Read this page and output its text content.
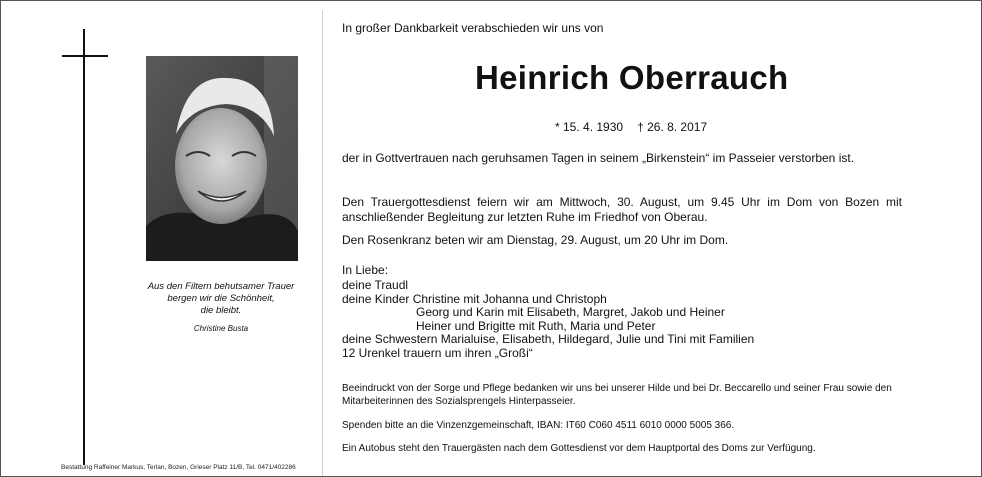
Aus den Filtern behutsamer Trauer
bergen wir die Schönheit,
die bleibt.
Christine Busta
Bestattung Raffeiner Markus, Terlan, Bozen, Grieser Platz 11/B, Tel. 0471/402286
In großer Dankbarkeit verabschieden wir uns von
Heinrich Oberrauch
* 15. 4. 1930 † 26. 8. 2017
der in Gottvertrauen nach geruhsamen Tagen in seinem „Birkenstein“ im Passeier verstorben ist.
Den Trauergottesdienst feiern wir am Mittwoch, 30. August, um 9.45 Uhr im Dom von Bozen mit anschließender Begleitung zur letzten Ruhe im Friedhof von Oberau.
Den Rosenkranz beten wir am Dienstag, 29. August, um 20 Uhr im Dom.
In Liebe:
deine Traudl
deine Kinder Christine mit Johanna und Christoph
Georg und Karin mit Elisabeth, Margret, Jakob und Heiner
Heiner und Brigitte mit Ruth, Maria und Peter
deine Schwestern Marialuise, Elisabeth, Hildegard, Julie und Tini mit Familien
12 Urenkel trauern um ihren „Großi“
Beeindruckt von der Sorge und Pflege bedanken wir uns bei unserer Hilde und bei Dr. Beccarello und seiner Frau sowie den Mitarbeiterinnen des Sozialsprengels Hinterpasseier.
Spenden bitte an die Vinzenzgemeinschaft, IBAN: IT60 C060 4511 6010 0000 5005 366.
Ein Autobus steht den Trauergästen nach dem Gottesdienst vor dem Hauptportal des Doms zur Verfügung.
